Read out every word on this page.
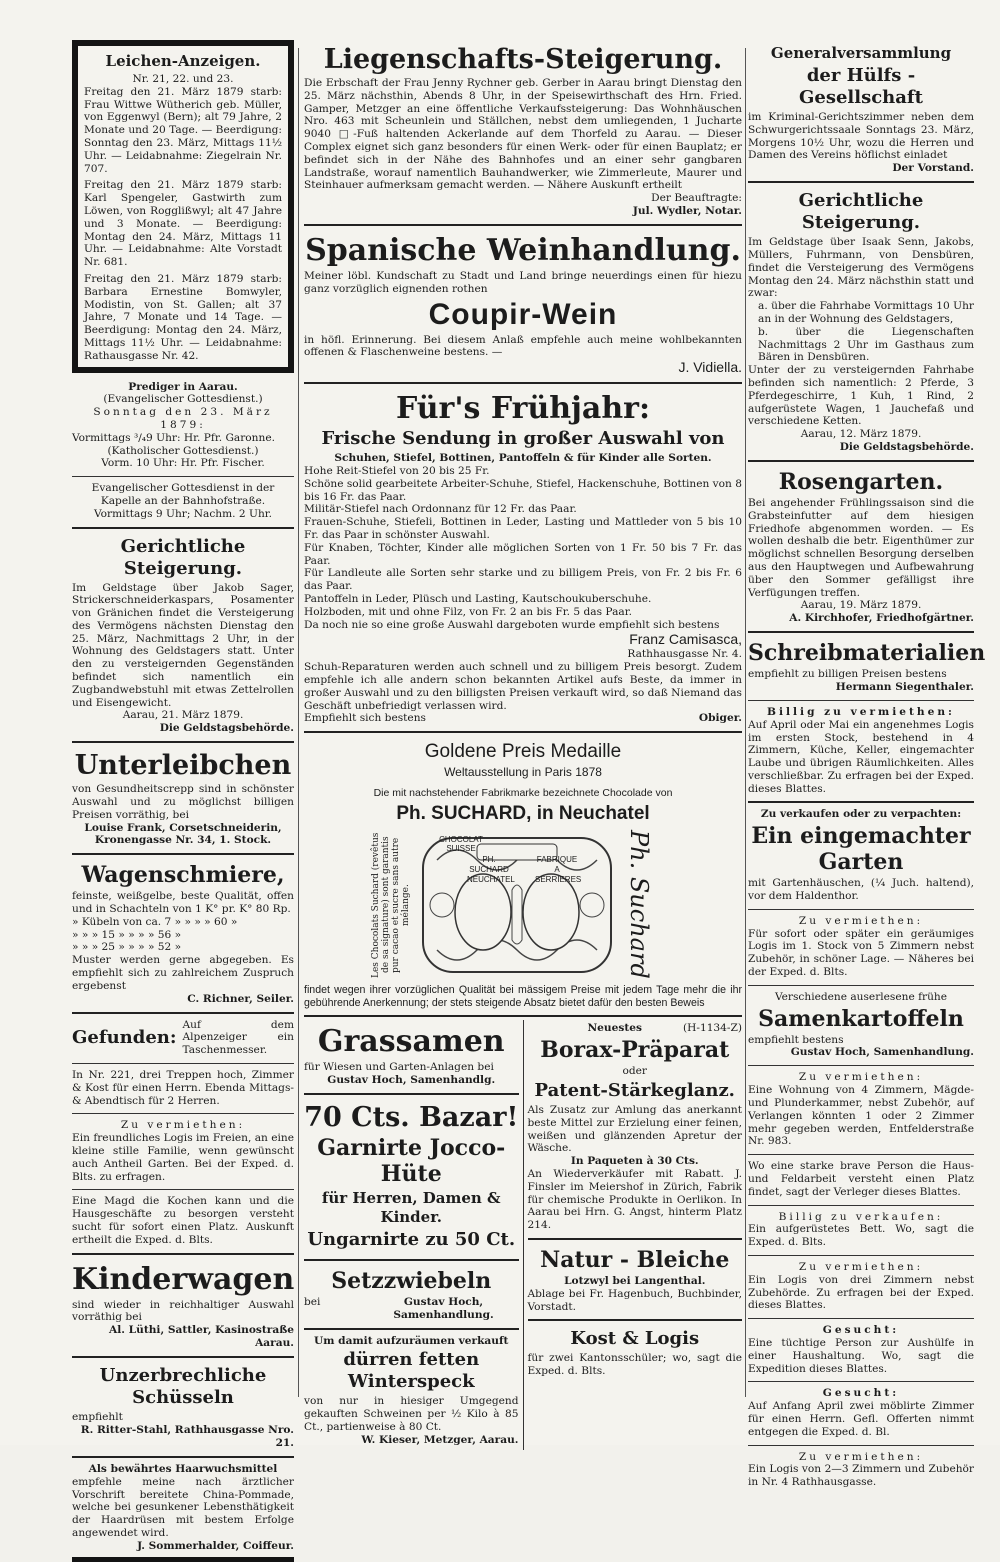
Leichen-Anzeigen.

Nr. 21, 22. und 23.

Freitag den 21. März 1879 starb: Frau Wittwe Wütherich geb. Müller, von Eggenwyl (Bern); alt 79 Jahre, 2 Monate und 20 Tage. — Beerdigung: Sonntag den 23. März, Mittags 11½ Uhr. — Leidabnahme: Ziegelrain Nr. 707.

Freitag den 21. März 1879 starb: Karl Spengeler, Gastwirth zum Löwen, von Rogglißwyl; alt 47 Jahre und 3 Monate. — Beerdigung: Montag den 24. März, Mittags 11 Uhr. — Leidabnahme: Alte Vorstadt Nr. 681.

Freitag den 21. März 1879 starb: Barbara Ernestine Bomwyler, Modistin, von St. Gallen; alt 37 Jahre, 7 Monate und 14 Tage. — Beerdigung: Montag den 24. März, Mittags 11½ Uhr. — Leidabnahme: Rathausgasse Nr. 42.

Prediger in Aarau.

(Evangelischer Gottesdienst.)

Sonntag den 23. März 1879:

Vormittags ³/₄9 Uhr: Hr. Pfr. Garonne.

(Katholischer Gottesdienst.)

Vorm. 10 Uhr: Hr. Pfr. Fischer.

Evangelischer Gottesdienst in der Kapelle an der Bahnhofstraße.

Vormittags 9 Uhr; Nachm. 2 Uhr.

Gerichtliche Steigerung.

Im Geldstage über Jakob Sager, Strickerschneiderkaspars, Posamenter von Gränichen findet die Versteigerung des Vermögens nächsten Dienstag den 25. März, Nachmittags 2 Uhr, in der Wohnung des Geldstagers statt. Unter den zu versteigernden Gegenständen befindet sich namentlich ein Zugbandwebstuhl mit etwas Zettelrollen und Eisengewicht.

Aarau, 21. März 1879.

Die Geldstagsbehörde.

Unterleibchen

von Gesundheitscrepp sind in schönster Auswahl und zu möglichst billigen Preisen vorräthig, bei

Louise Frank, Corsetschneiderin, Kronengasse Nr. 34, 1. Stock.

Wagenschmiere,

feinste, weißgelbe, beste Qualität, offen und in Schachteln von 1 K° pr. K° 80 Rp.

» Kübeln von ca. 7 » » » » 60 »

» » » 15 » » » » 56 »

» » » 25 » » » » 52 »

Muster werden gerne abgegeben. Es empfiehlt sich zu zahlreichem Zuspruch ergebenst

C. Richner, Seiler.

Gefunden:

Auf dem Alpenzeiger ein Taschenmesser.

In Nr. 221, drei Treppen hoch, Zimmer & Kost für einen Herrn. Ebenda Mittags- & Abendtisch für 2 Herren.

Zu vermiethen:

Ein freundliches Logis im Freien, an eine kleine stille Familie, wenn gewünscht auch Antheil Garten. Bei der Exped. d. Blts. zu erfragen.

Eine Magd die Kochen kann und die Hausgeschäfte zu besorgen versteht sucht für sofort einen Platz. Auskunft ertheilt die Exped. d. Blts.

Kinderwagen

sind wieder in reichhaltiger Auswahl vorräthig bei

Al. Lüthi, Sattler, Kasinostraße Aarau.

Unzerbrechliche Schüsseln

empfiehlt

R. Ritter-Stahl, Rathhausgasse Nro. 21.

Als bewährtes Haarwuchsmittel

empfehle meine nach ärztlicher Vorschrift bereitete China-Pommade, welche bei gesunkener Lebensthätigkeit der Haardrüsen mit bestem Erfolge angewendet wird.

J. Sommerhalder, Coiffeur.

Liegenschafts-Steigerung.

Die Erbschaft der Frau Jenny Rychner geb. Gerber in Aarau bringt Dienstag den 25. März nächsthin, Abends 8 Uhr, in der Speisewirthschaft des Hrn. Fried. Gamper, Metzger an eine öffentliche Verkaufssteigerung: Das Wohnhäuschen Nro. 463 mit Scheunlein und Ställchen, nebst dem umliegenden, 1 Jucharte 9040 □-Fuß haltenden Ackerlande auf dem Thorfeld zu Aarau. — Dieser Complex eignet sich ganz besonders für einen Werk- oder für einen Bauplatz; er befindet sich in der Nähe des Bahnhofes und an einer sehr gangbaren Landstraße, worauf namentlich Bauhandwerker, wie Zimmerleute, Maurer und Steinhauer aufmerksam gemacht werden. — Nähere Auskunft ertheilt

Der Beauftragte:

Jul. Wydler, Notar.

Spanische Weinhandlung.

Meiner löbl. Kundschaft zu Stadt und Land bringe neuerdings einen für hiezu ganz vorzüglich eignenden rothen

Coupir-Wein

in höfl. Erinnerung. Bei diesem Anlaß empfehle auch meine wohlbekannten offenen & Flaschenweine bestens. —

J. Vidiella.

Für's Frühjahr:
Frische Sendung in großer Auswahl von

Schuhen, Stiefel, Bottinen, Pantoffeln & für Kinder alle Sorten.

Hohe Reit-Stiefel von 20 bis 25 Fr.

Schöne solid gearbeitete Arbeiter-Schuhe, Stiefel, Hackenschuhe, Bottinen von 8 bis 16 Fr. das Paar.

Militär-Stiefel nach Ordonnanz für 12 Fr. das Paar.

Frauen-Schuhe, Stiefeli, Bottinen in Leder, Lasting und Mattleder von 5 bis 10 Fr. das Paar in schönster Auswahl.

Für Knaben, Töchter, Kinder alle möglichen Sorten von 1 Fr. 50 bis 7 Fr. das Paar.

Für Landleute alle Sorten sehr starke und zu billigem Preis, von Fr. 2 bis Fr. 6 das Paar.

Pantoffeln in Leder, Plüsch und Lasting, Kautschoukuberschuhe.

Holzboden, mit und ohne Filz, von Fr. 2 an bis Fr. 5 das Paar.

Da noch nie so eine große Auswahl dargeboten wurde empfiehlt sich bestens

Franz Camisasca,

Rathhausgasse Nr. 4.

Schuh-Reparaturen werden auch schnell und zu billigem Preis besorgt. Zudem empfehle ich alle andern schon bekannten Artikel aufs Beste, da immer in großer Auswahl und zu den billigsten Preisen verkauft wird, so daß Niemand das Geschäft unbefriedigt verlassen wird.

Empfiehlt sich bestens	Obiger.

Goldene Preis Medaille

Weltausstellung in Paris 1878

Die mit nachstehender Fabrikmarke bezeichnete Chocolade von

Ph. SUCHARD, in Neuchatel
Les Chocolats Suchard (revêtus de sa signature) sont garantis pur cacao et sucre sans autre mélange.
CHOCOLAT SUISSE
PH. SUCHARD NEUCHATEL
FABRIQUE A SERRIERES Ph. Suchard

findet wegen ihrer vorzüglichen Qualität bei mässigem Preise mit jedem Tage mehr die ihr gebührende Anerkennung; der stets steigende Absatz bietet dafür den besten Beweis

Grassamen

für Wiesen und Garten-Anlagen bei

Gustav Hoch, Samenhandlg.

70 Cts. Bazar!
Garnirte Jocco-Hüte
für Herren, Damen & Kinder.
Ungarnirte zu 50 Ct.
Setzzwiebeln

bei	Gustav Hoch, Samenhandlung.

Um damit aufzuräumen verkauft

dürren fetten Winterspeck

von nur in hiesiger Umgegend gekauften Schweinen per ½ Kilo à 85 Ct., partienweise à 80 Ct.

W. Kieser, Metzger, Aarau.

Neuestes	(H-1134-Z)

Borax-Präparat

oder

Patent-Stärkeglanz.

Als Zusatz zur Amlung das anerkannt beste Mittel zur Erzielung einer feinen, weißen und glänzenden Apretur der Wäsche.

In Paqueten à 30 Cts.

An Wiederverkäufer mit Rabatt. J. Finsler im Meiershof in Zürich, Fabrik für chemische Produkte in Oerlikon. In Aarau bei Hrn. G. Angst, hinterm Platz 214.

Natur - Bleiche

Lotzwyl bei Langenthal.

Ablage bei Fr. Hagenbuch, Buchbinder, Vorstadt.

Kost & Logis

für zwei Kantonsschüler; wo, sagt die Exped. d. Blts.

Generalversammlung
der Hülfs - Gesellschaft

im Kriminal-Gerichtszimmer neben dem Schwurgerichtssaale Sonntags 23. März, Morgens 10½ Uhr, wozu die Herren und Damen des Vereins höflichst einladet

Der Vorstand.

Gerichtliche Steigerung.

Im Geldstage über Isaak Senn, Jakobs, Müllers, Fuhrmann, von Densbüren, findet die Versteigerung des Vermögens Montag den 24. März nächsthin statt und zwar:

a. über die Fahrhabe Vormittags 10 Uhr an in der Wohnung des Geldstagers,

b. über die Liegenschaften Nachmittags 2 Uhr im Gasthaus zum Bären in Densbüren.

Unter der zu versteigernden Fahrhabe befinden sich namentlich: 2 Pferde, 3 Pferdegeschirre, 1 Kuh, 1 Rind, 2 aufgerüstete Wagen, 1 Jauchefaß und verschiedene Ketten.

Aarau, 12. März 1879.

Die Geldstagsbehörde.

Rosengarten.

Bei angehender Frühlingssaison sind die Grabsteinfutter auf dem hiesigen Friedhofe abgenommen worden. — Es wollen deshalb die betr. Eigenthümer zur möglichst schnellen Besorgung derselben aus den Hauptwegen und Aufbewahrung über den Sommer gefälligst ihre Verfügungen treffen.

Aarau, 19. März 1879.

A. Kirchhofer, Friedhofgärtner.

Schreibmaterialien

empfiehlt zu billigen Preisen bestens

Hermann Siegenthaler.

Billig zu vermiethen:

Auf April oder Mai ein angenehmes Logis im ersten Stock, bestehend in 4 Zimmern, Küche, Keller, eingemachter Laube und übrigen Räumlichkeiten. Alles verschließbar. Zu erfragen bei der Exped. dieses Blattes.

Zu verkaufen oder zu verpachten:

Ein eingemachter Garten

mit Gartenhäuschen, (¼ Juch. haltend), vor dem Haldenthor.

Zu vermiethen:

Für sofort oder später ein geräumiges Logis im 1. Stock von 5 Zimmern nebst Zubehör, in schöner Lage. — Näheres bei der Exped. d. Blts.

Verschiedene auserlesene frühe

Samenkartoffeln

empfiehlt bestens

Gustav Hoch, Samenhandlung.

Zu vermiethen:

Eine Wohnung von 4 Zimmern, Mägde- und Plunderkammer, nebst Zubehör, auf Verlangen könnten 1 oder 2 Zimmer mehr gegeben werden, Entfelderstraße Nr. 983.

Wo eine starke brave Person die Haus- und Feldarbeit versteht einen Platz findet, sagt der Verleger dieses Blattes.

Billig zu verkaufen:

Ein aufgerüstetes Bett. Wo, sagt die Exped. d. Blts.

Zu vermiethen:

Ein Logis von drei Zimmern nebst Zubehörde. Zu erfragen bei der Exped. dieses Blattes.

Gesucht:

Eine tüchtige Person zur Aushülfe in einer Haushaltung. Wo, sagt die Expedition dieses Blattes.

Gesucht:

Auf Anfang April zwei möblirte Zimmer für einen Herrn. Gefl. Offerten nimmt entgegen die Exped. d. Bl.

Zu vermiethen:

Ein Logis von 2—3 Zimmern und Zubehör in Nr. 4 Rathhausgasse.
